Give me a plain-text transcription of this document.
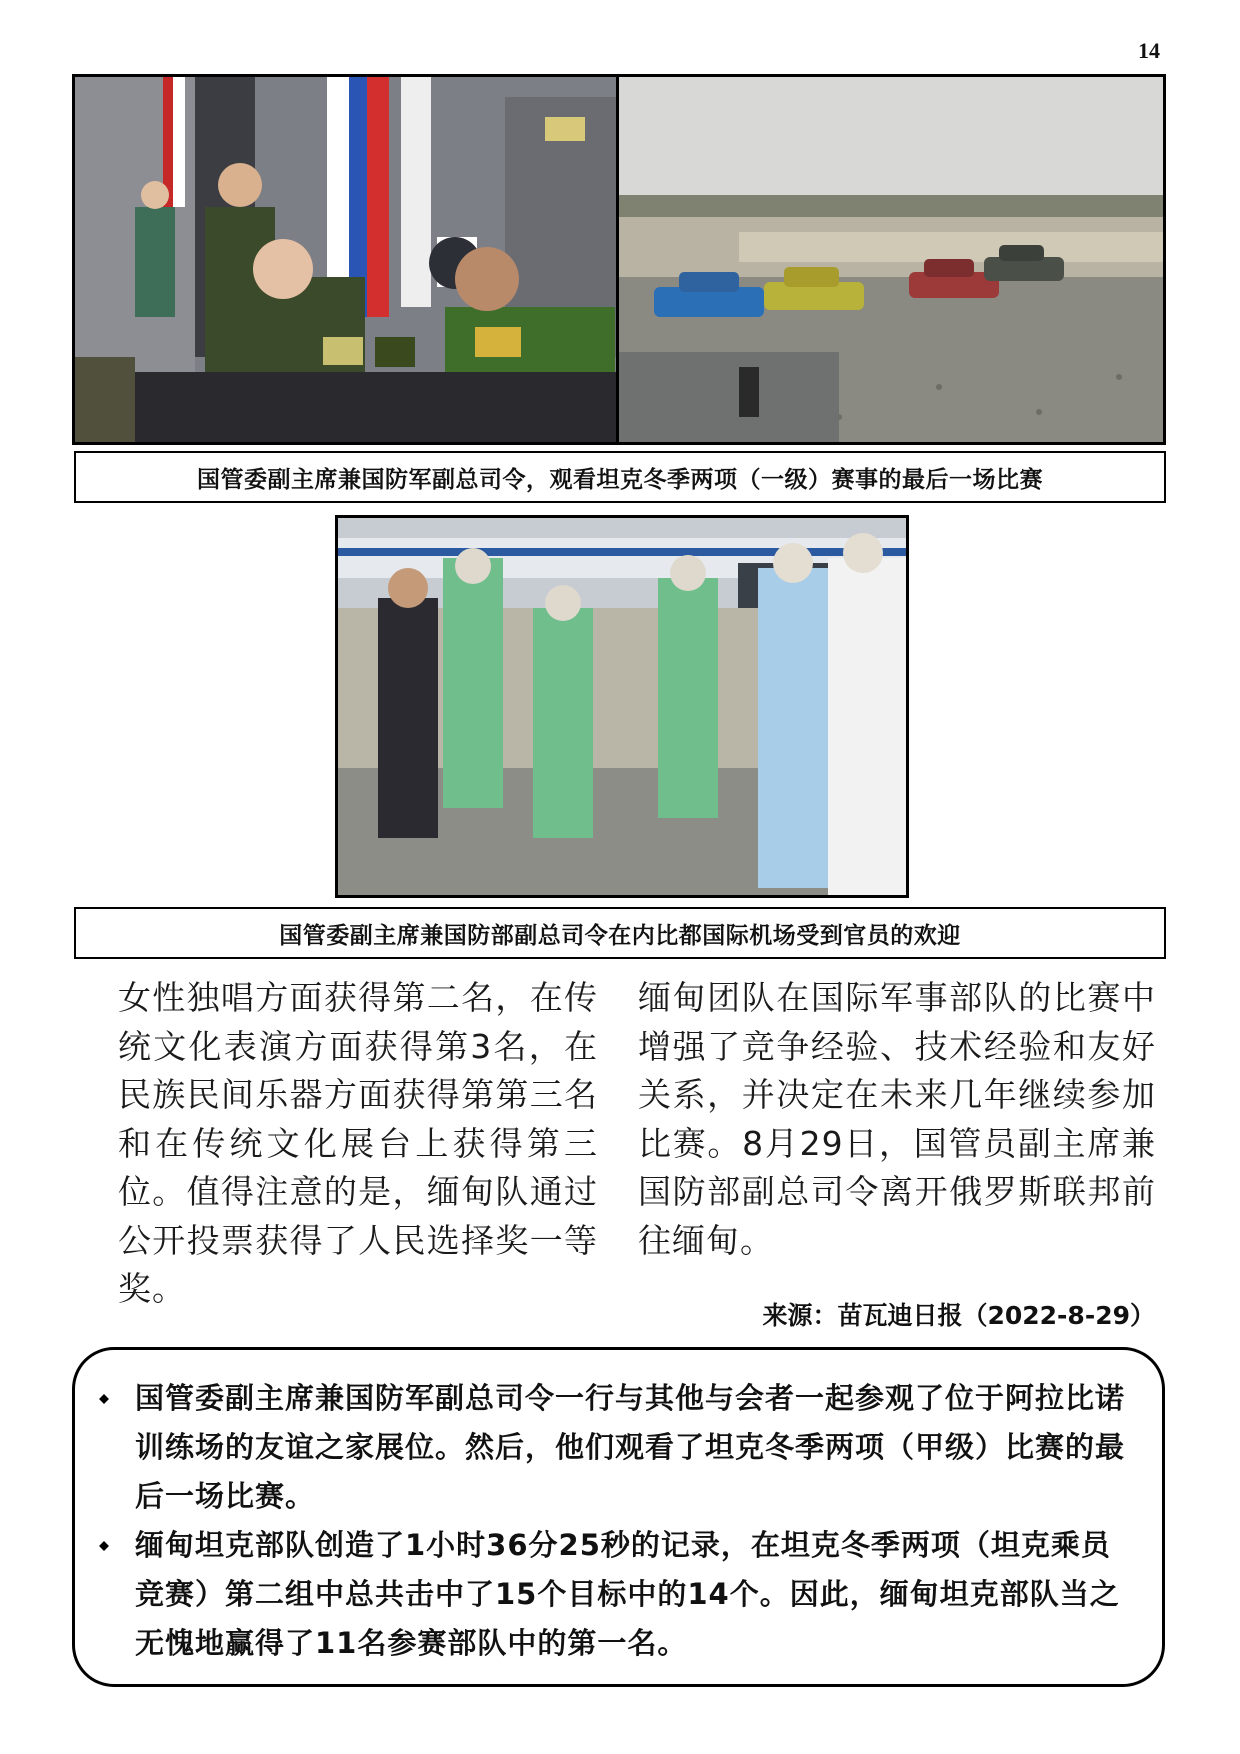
14
国管委副主席兼国防军副总司令，观看坦克冬季两项（一级）赛事的最后一场比赛
国管委副主席兼国防部副总司令在内比都国际机场受到官员的欢迎
女性独唱方面获得第二名，在传统文化表演方面获得第3名，在民族民间乐器方面获得第第三名和在传统文化展台上获得第三位。值得注意的是，缅甸队通过公开投票获得了人民选择奖一等奖。
缅甸团队在国际军事部队的比赛中增强了竞争经验、技术经验和友好关系，并决定在未来几年继续参加比赛。8月29日，国管员副主席兼国防部副总司令离开俄罗斯联邦前往缅甸。
来源：苗瓦迪日报（2022-8-29）
国管委副主席兼国防军副总司令一行与其他与会者一起参观了位于阿拉比诺训练场的友谊之家展位。然后，他们观看了坦克冬季两项（甲级）比赛的最后一场比赛。
缅甸坦克部队创造了1小时36分25秒的记录，在坦克冬季两项（坦克乘员竞赛）第二组中总共击中了15个目标中的14个。因此，缅甸坦克部队当之无愧地赢得了11名参赛部队中的第一名。
